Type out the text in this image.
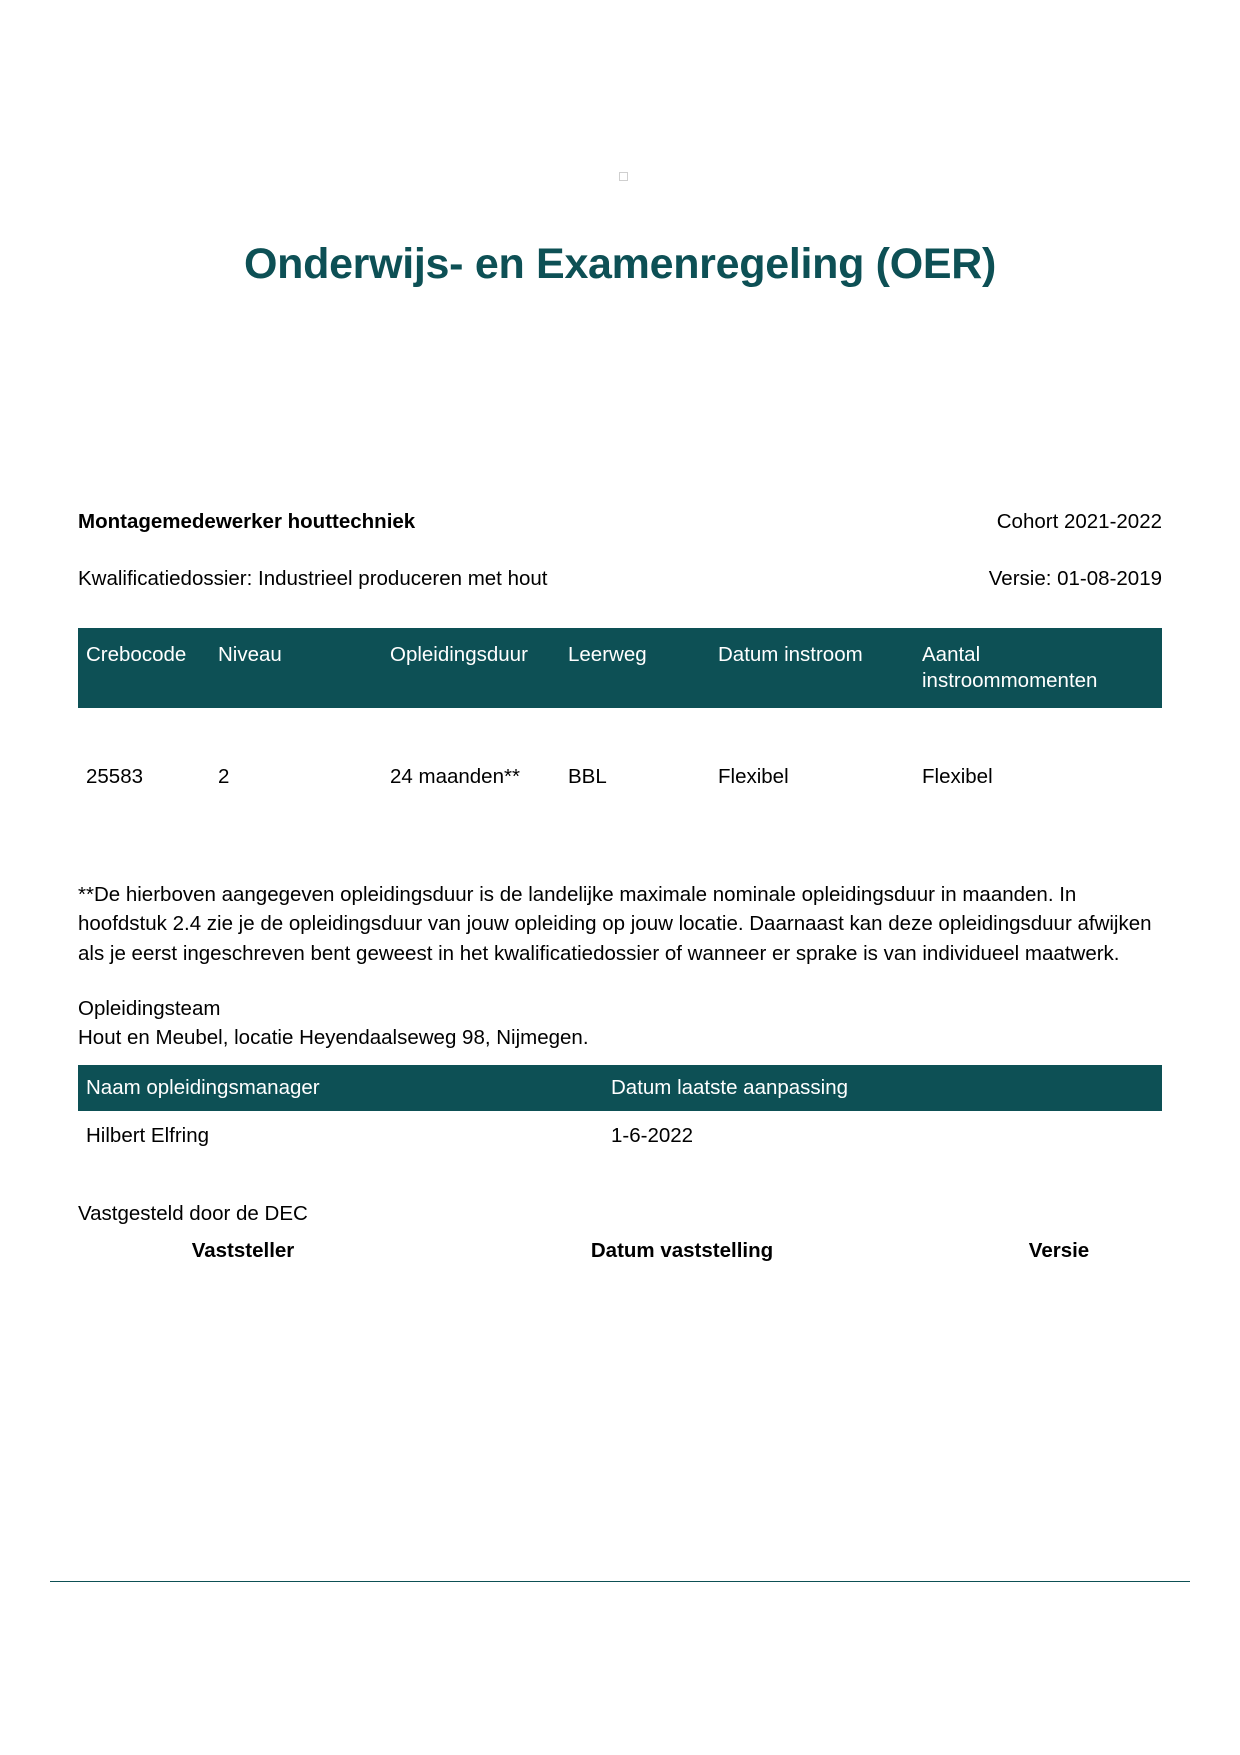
Onderwijs- en Examenregeling (OER)
Montagemedewerker houttechniek	Cohort 2021-2022
Kwalificatiedossier: Industrieel produceren met hout	Versie: 01-08-2019
Crebocode	Niveau	Opleidingsduur	Leerweg	Datum instroom	Aantal instroommomenten
25583	2	24 maanden**	BBL	Flexibel	Flexibel

**De hierboven aangegeven opleidingsduur is de landelijke maximale nominale opleidingsduur in maanden. In hoofdstuk 2.4 zie je de opleidingsduur van jouw opleiding op jouw locatie. Daarnaast kan deze opleidingsduur afwijken als je eerst ingeschreven bent geweest in het kwalificatiedossier of wanneer er sprake is van individueel maatwerk.

Opleidingsteam
Hout en Meubel, locatie Heyendaalseweg 98, Nijmegen.
Naam opleidingsmanager	Datum laatste aanpassing
Hilbert Elfring	1-6-2022
Vastgesteld door de DEC
Vaststeller	Datum vaststelling	Versie
